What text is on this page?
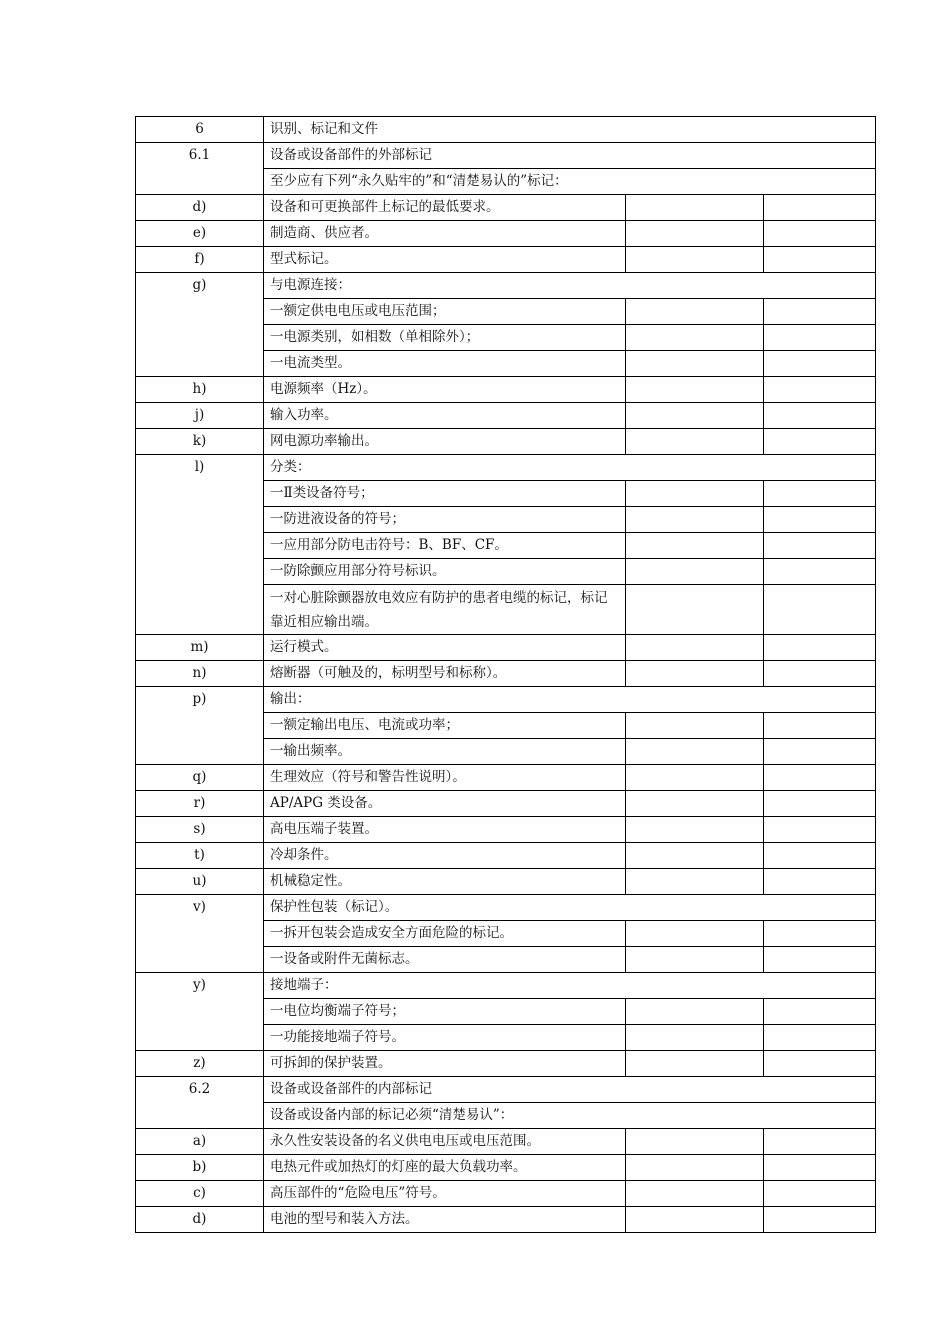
6	识别、标记和文件		
6.1	设备或设备部件的外部标记		
	至少应有下列“永久贴牢的”和“清楚易认的”标记：		
d)	设备和可更换部件上标记的最低要求。		
e)	制造商、供应者。		
f)	型式标记。		
g)	与电源连接：		
	一额定供电电压或电压范围；		
	一电源类别，如相数（单相除外）；		
	一电流类型。		
h)	电源频率（Hz）。		
j)	输入功率。		
k)	网电源功率输出。		
l)	分类：		
	一Ⅱ类设备符号；		
	一防进液设备的符号；		
	一应用部分防电击符号：B、BF、CF。		
	一防除颤应用部分符号标识。		
	一对心脏除颤器放电效应有防护的患者电缆的标记，标记靠近相应输出端。		
m)	运行模式。		
n)	熔断器（可触及的，标明型号和标称）。		
p)	输出：		
	一额定输出电压、电流或功率；		
	一输出频率。		
q)	生理效应（符号和警告性说明）。		
r)	AP/APG 类设备。		
s)	高电压端子装置。		
t)	冷却条件。		
u)	机械稳定性。		
v)	保护性包装（标记）。		
	一拆开包装会造成安全方面危险的标记。		
	一设备或附件无菌标志。		
y)	接地端子：		
	一电位均衡端子符号；		
	一功能接地端子符号。		
z)	可拆卸的保护装置。		
6.2	设备或设备部件的内部标记		
	设备或设备内部的标记必须“清楚易认”：		
a)	永久性安装设备的名义供电电压或电压范围。		
b)	电热元件或加热灯的灯座的最大负载功率。		
c)	高压部件的“危险电压”符号。		
d)	电池的型号和装入方法。		
